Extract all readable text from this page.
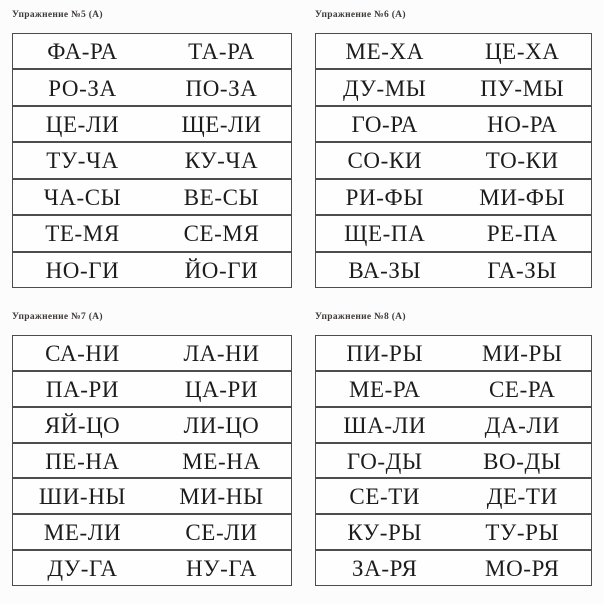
Упражнение №5 (А)
ФА-РА	ТА-РА
РО-ЗА	ПО-ЗА
ЦЕ-ЛИ	ЩЕ-ЛИ
ТУ-ЧА	КУ-ЧА
ЧА-СЫ	ВЕ-СЫ
ТЕ-МЯ	СЕ-МЯ
НО-ГИ	ЙО-ГИ
Упражнение №6 (А)
МЕ-ХА	ЦЕ-ХА
ДУ-МЫ	ПУ-МЫ
ГО-РА	НО-РА
СО-КИ	ТО-КИ
РИ-ФЫ	МИ-ФЫ
ЩЕ-ПА	РЕ-ПА
ВА-ЗЫ	ГА-ЗЫ
Упражнение №7 (А)
СА-НИ	ЛА-НИ
ПА-РИ	ЦА-РИ
ЯЙ-ЦО	ЛИ-ЦО
ПЕ-НА	МЕ-НА
ШИ-НЫ	МИ-НЫ
МЕ-ЛИ	СЕ-ЛИ
ДУ-ГА	НУ-ГА
Упражнение №8 (А)
ПИ-РЫ	МИ-РЫ
МЕ-РА	СЕ-РА
ША-ЛИ	ДА-ЛИ
ГО-ДЫ	ВО-ДЫ
СЕ-ТИ	ДЕ-ТИ
КУ-РЫ	ТУ-РЫ
ЗА-РЯ	МО-РЯ
